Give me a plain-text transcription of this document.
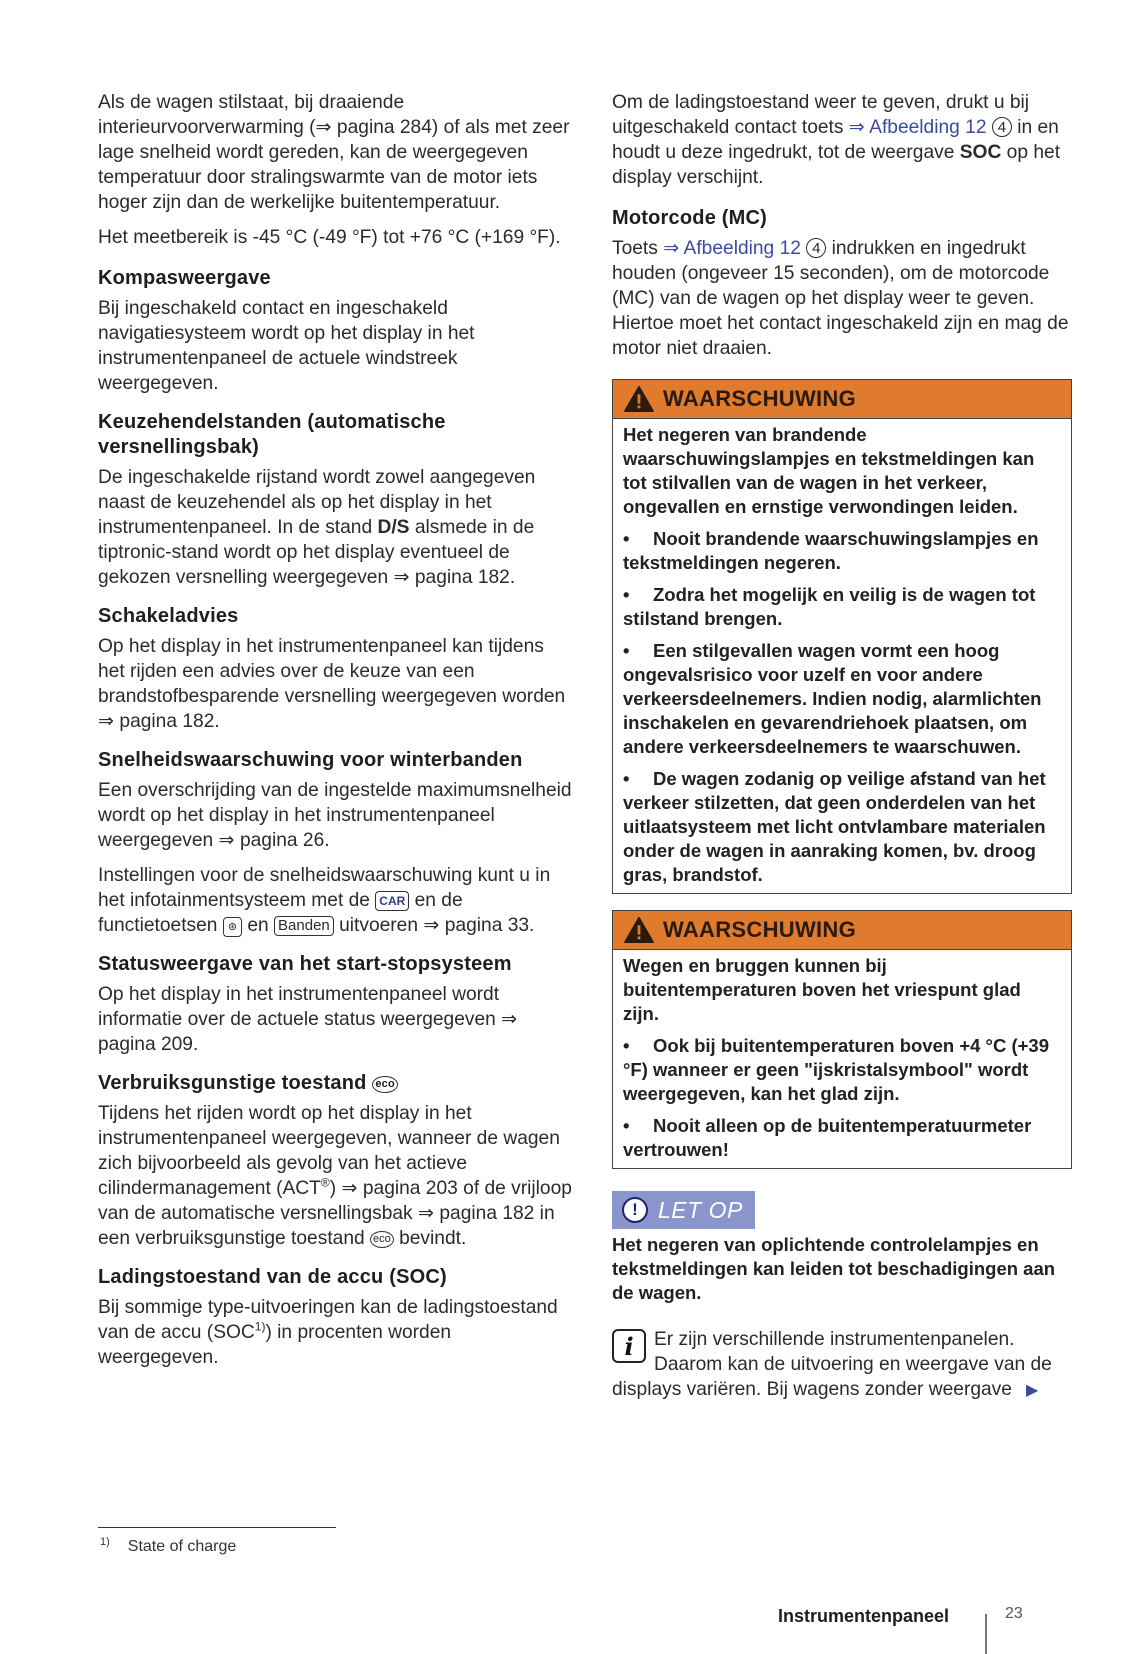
Als de wagen stilstaat, bij draaiende interieurvoorverwarming (⇒ pagina 284) of als met zeer lage snelheid wordt gereden, kan de weergegeven temperatuur door stralingswarmte van de motor iets hoger zijn dan de werkelijke buitentemperatuur.

Het meetbereik is -45 °C (-49 °F) tot +76 °C (+169 °F).

Kompasweergave

Bij ingeschakeld contact en ingeschakeld navigatiesysteem wordt op het display in het instrumentenpaneel de actuele windstreek weergegeven.

Keuzehendelstanden (automatische versnellingsbak)

De ingeschakelde rijstand wordt zowel aangegeven naast de keuzehendel als op het display in het instrumentenpaneel. In de stand D/S alsmede in de tiptronic-stand wordt op het display eventueel de gekozen versnelling weergegeven ⇒ pagina 182.

Schakeladvies

Op het display in het instrumentenpaneel kan tijdens het rijden een advies over de keuze van een brandstofbesparende versnelling weergegeven worden ⇒ pagina 182.

Snelheidswaarschuwing voor winterbanden

Een overschrijding van de ingestelde maximumsnelheid wordt op het display in het instrumentenpaneel weergegeven ⇒ pagina 26.

Instellingen voor de snelheidswaarschuwing kunt u in het infotainmentsysteem met de CAR en de functietoetsen ⊛ en Banden uitvoeren ⇒ pagina 33.

Statusweergave van het start-stopsysteem

Op het display in het instrumentenpaneel wordt informatie over de actuele status weergegeven ⇒ pagina 209.

Verbruiksgunstige toestand eco

Tijdens het rijden wordt op het display in het instrumentenpaneel weergegeven, wanneer de wagen zich bijvoorbeeld als gevolg van het actieve cilindermanagement (ACT®) ⇒ pagina 203 of de vrijloop van de automatische versnellingsbak ⇒ pagina 182 in een verbruiksgunstige toestand eco bevindt.

Ladingstoestand van de accu (SOC)

Bij sommige type-uitvoeringen kan de ladingstoestand van de accu (SOC$^{1)}$) in procenten worden weergegeven.

$^{1)}$ State of charge

Om de ladingstoestand weer te geven, drukt u bij uitgeschakeld contact toets ⇒ Afbeelding 12 4 in en houdt u deze ingedrukt, tot de weergave SOC op het display verschijnt.

Motorcode (MC)

Toets ⇒ Afbeelding 12 4 indrukken en ingedrukt houden (ongeveer 15 seconden), om de motorcode (MC) van de wagen op het display weer te geven. Hiertoe moet het contact ingeschakeld zijn en mag de motor niet draaien.

WAARSCHUWING

Het negeren van brandende waarschuwingslampjes en tekstmeldingen kan tot stilvallen van de wagen in het verkeer, ongevallen en ernstige verwondingen leiden.

• Nooit brandende waarschuwingslampjes en tekstmeldingen negeren.

• Zodra het mogelijk en veilig is de wagen tot stilstand brengen.

• Een stilgevallen wagen vormt een hoog ongevalsrisico voor uzelf en voor andere verkeersdeelnemers. Indien nodig, alarmlichten inschakelen en gevarendriehoek plaatsen, om andere verkeersdeelnemers te waarschuwen.

• De wagen zodanig op veilige afstand van het verkeer stilzetten, dat geen onderdelen van het uitlaatsysteem met licht ontvlambare materialen onder de wagen in aanraking komen, bv. droog gras, brandstof.

WAARSCHUWING

Wegen en bruggen kunnen bij buitentemperaturen boven het vriespunt glad zijn.

• Ook bij buitentemperaturen boven +4 °C (+39 °F) wanneer er geen "ijskristalsymbool" wordt weergegeven, kan het glad zijn.

• Nooit alleen op de buitentemperatuurmeter vertrouwen!

! LET OP

Het negeren van oplichtende controlelampjes en tekstmeldingen kan leiden tot beschadigingen aan de wagen.

i	Er zijn verschillende instrumentenpanelen. Daarom kan de uitvoering en weergave van de displays variëren. Bij wagens zonder weergave ▶

Instrumentenpaneel	23
